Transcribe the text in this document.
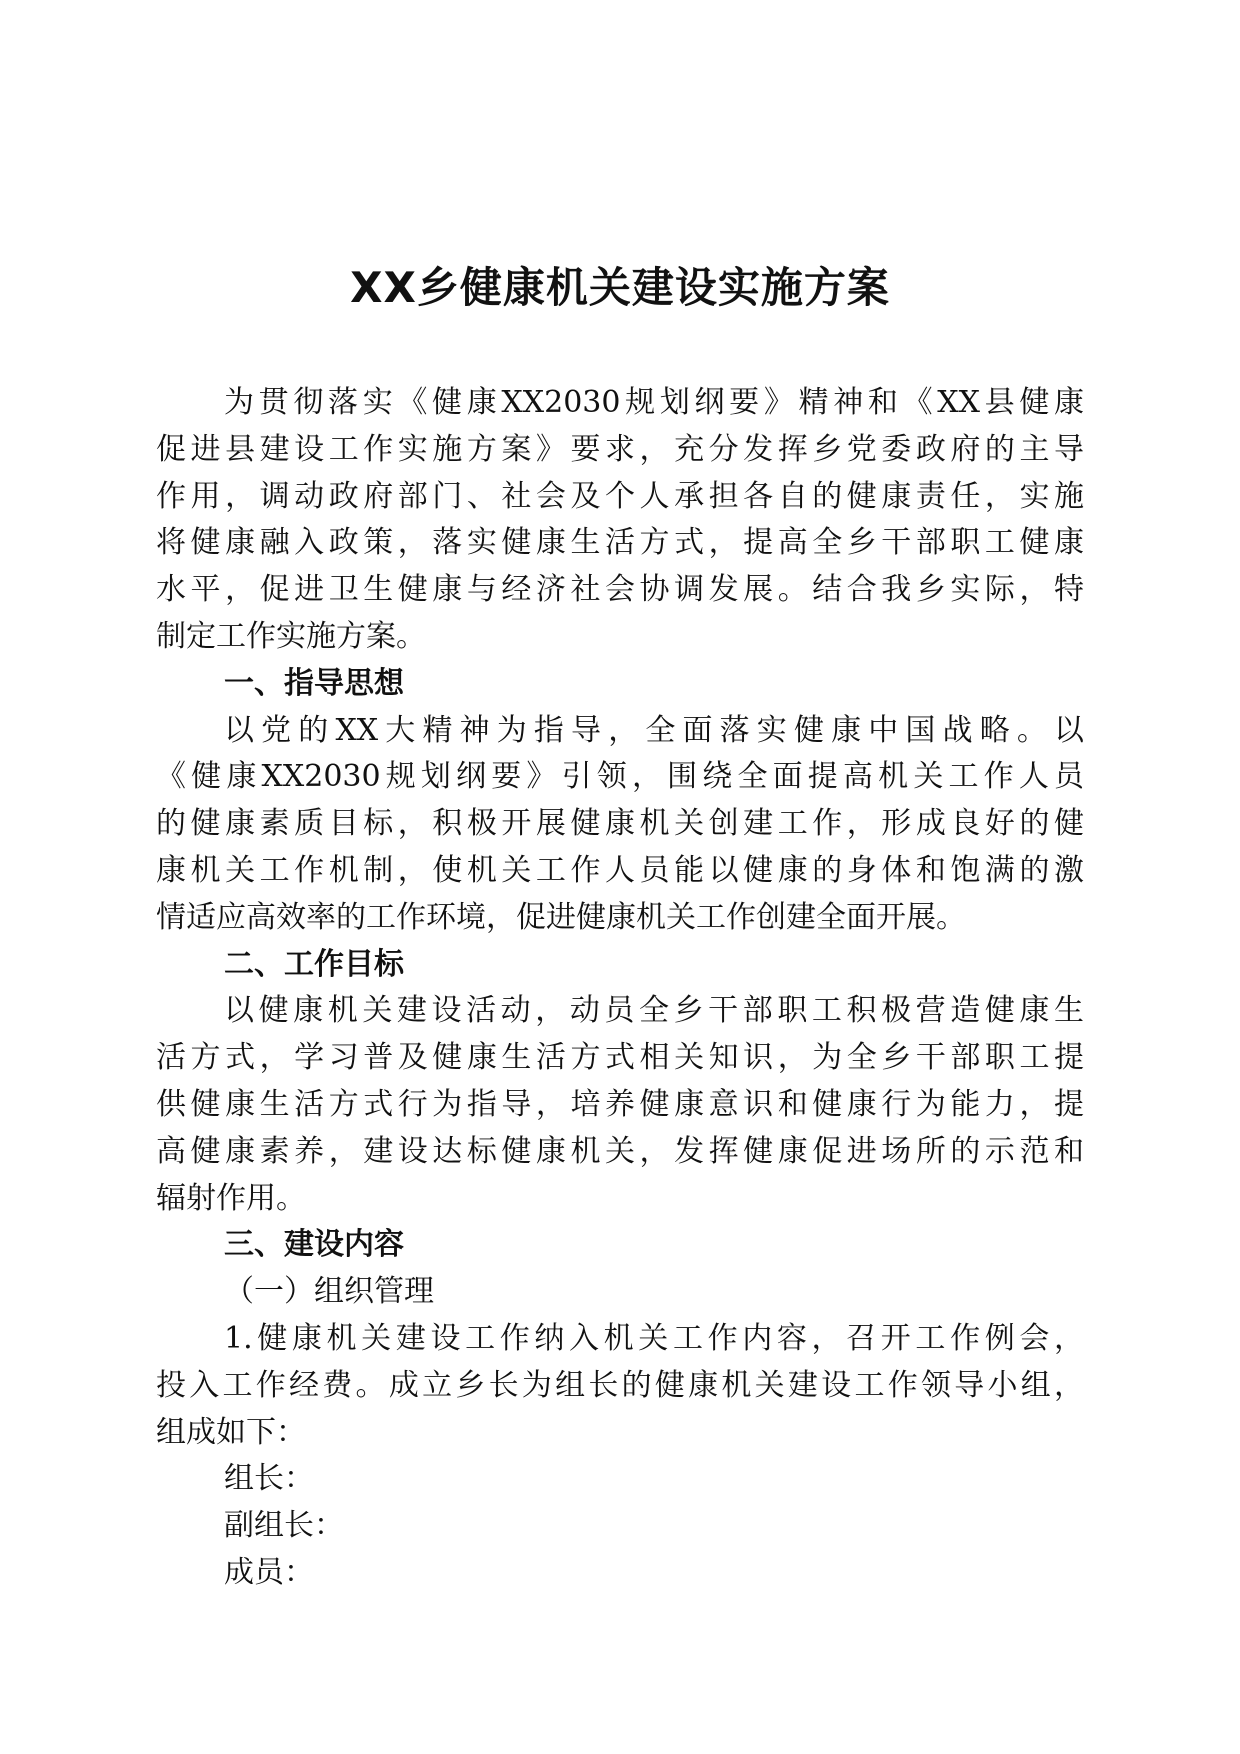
XX乡健康机关建设实施方案
为贯彻落实《健康XX2030规划纲要》精神和《XX县健康
促进县建设工作实施方案》要求，充分发挥乡党委政府的主导
作用，调动政府部门、社会及个人承担各自的健康责任，实施
将健康融入政策，落实健康生活方式，提高全乡干部职工健康
水平，促进卫生健康与经济社会协调发展。结合我乡实际，特
制定工作实施方案。
一、指导思想
以党的XX大精神为指导，全面落实健康中国战略。以
《健康XX2030规划纲要》引领，围绕全面提高机关工作人员
的健康素质目标，积极开展健康机关创建工作，形成良好的健
康机关工作机制，使机关工作人员能以健康的身体和饱满的激
情适应高效率的工作环境，促进健康机关工作创建全面开展。
二、工作目标
以健康机关建设活动，动员全乡干部职工积极营造健康生
活方式，学习普及健康生活方式相关知识，为全乡干部职工提
供健康生活方式行为指导，培养健康意识和健康行为能力，提
高健康素养，建设达标健康机关，发挥健康促进场所的示范和
辐射作用。
三、建设内容
（一）组织管理
1.健康机关建设工作纳入机关工作内容，召开工作例会，
投入工作经费。成立乡长为组长的健康机关建设工作领导小组，
组成如下：
组长：
副组长：
成员：
